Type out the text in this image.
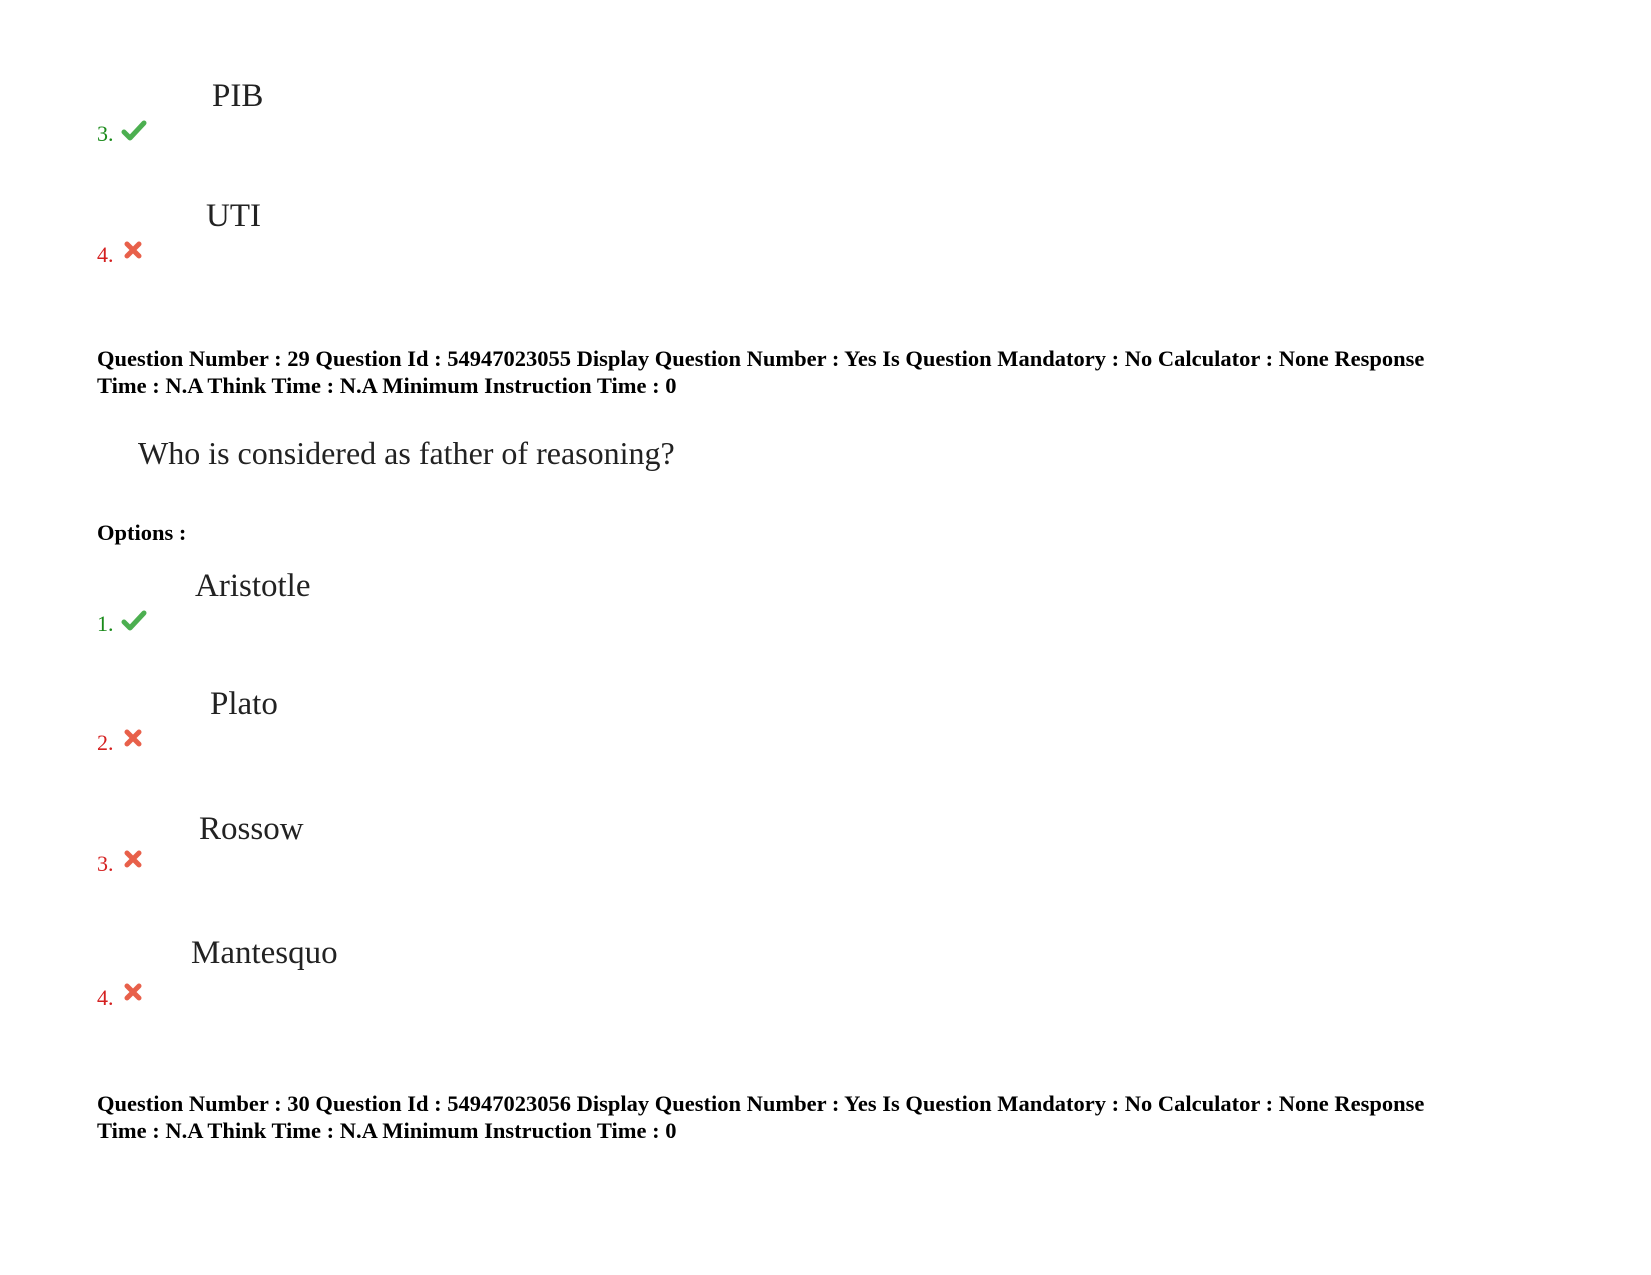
PIB
3.
UTI
4.
Question Number : 29 Question Id : 54947023055 Display Question Number : Yes Is Question Mandatory : No Calculator : None Response
Time : N.A Think Time : N.A Minimum Instruction Time : 0
Who is considered as father of reasoning?
Options :
Aristotle
1.
Plato
2.
Rossow
3.
Mantesquo
4.
Question Number : 30 Question Id : 54947023056 Display Question Number : Yes Is Question Mandatory : No Calculator : None Response
Time : N.A Think Time : N.A Minimum Instruction Time : 0
